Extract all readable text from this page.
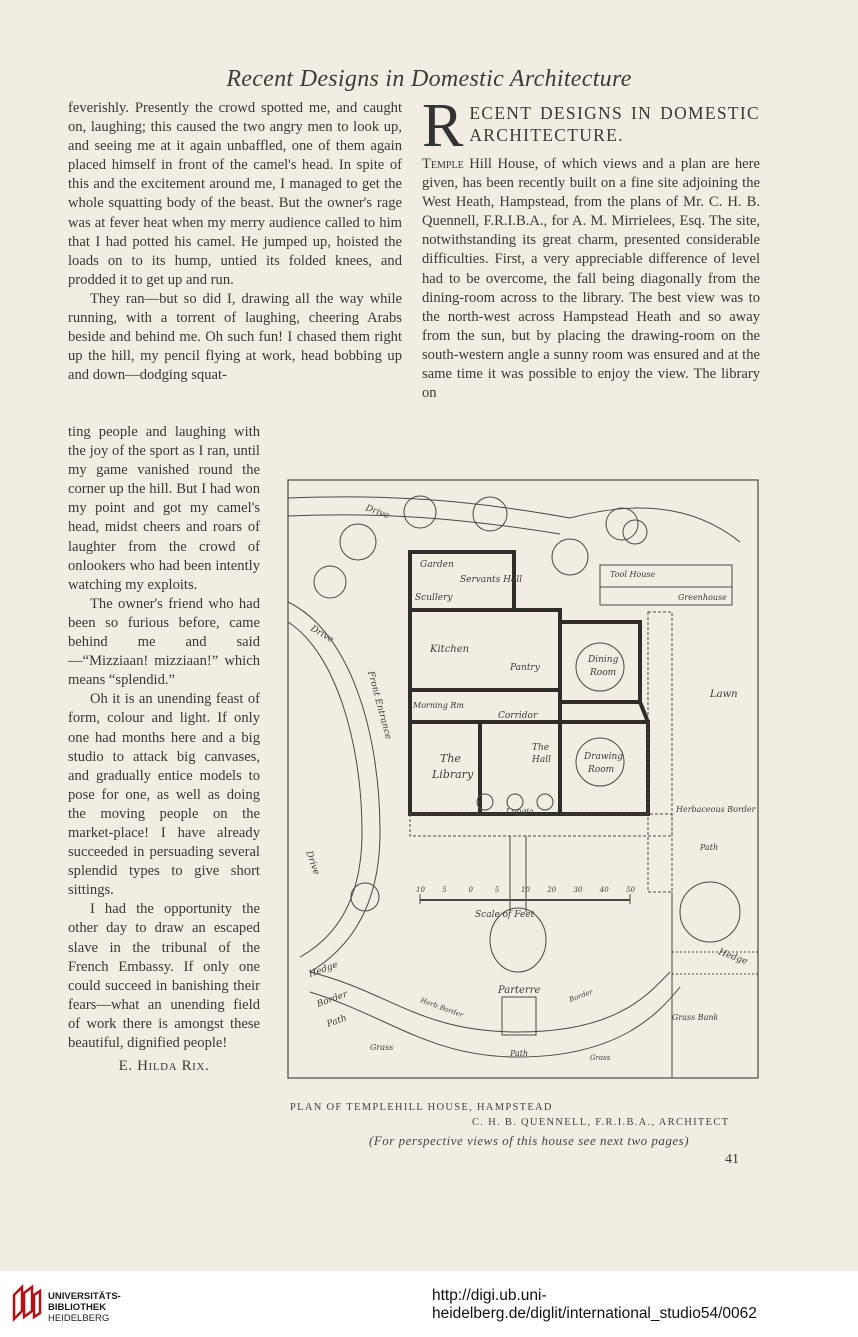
Recent Designs in Domestic Architecture

feverishly. Presently the crowd spotted me, and caught on, laughing; this caused the two angry men to look up, and seeing me at it again unbaffled, one of them again placed himself in front of the camel's head. In spite of this and the excitement around me, I managed to get the whole squatting body of the beast. But the owner's rage was at fever heat when my merry audience called to him that I had potted his camel. He jumped up, hoisted the loads on to its hump, untied its folded knees, and prodded it to get up and run.

They ran—but so did I, drawing all the way while running, with a torrent of laughing, cheering Arabs beside and behind me. Oh such fun! I chased them right up the hill, my pencil flying at work, head bobbing up and down—dodging squat-

ting people and laughing with the joy of the sport as I ran, until my game vanished round the corner up the hill. But I had won my point and got my camel's head, midst cheers and roars of laughter from the crowd of onlookers who had been intently watching my exploits.

The owner's friend who had been so furious before, came behind me and said —“Mizziaan! mizziaan!” which means “splendid.”

Oh it is an unending feast of form, colour and light. If only one had months here and a big studio to attack big canvases, and gradually entice models to pose for one, as well as doing the moving people on the market-place! I have already succeeded in persuading several splendid types to give short sittings.

I had the opportunity the other day to draw an escaped slave in the tribunal of the French Embassy. If only one could succeed in banishing their fears—what an unending field of work there is amongst these beautiful, dignified people!

E. Hilda Rix.
R ECENT DESIGNS IN DOMESTIC ARCHITECTURE.
Temple Hill House, of which views and a plan are here given, has been recently built on a fine site adjoining the West Heath, Hampstead, from the plans of Mr. C. H. B. Quennell, F.R.I.B.A., for A. M. Mirrielees, Esq. The site, notwithstanding its great charm, presented considerable difficulties. First, a very appreciable difference of level had to be overcome, the fall being diagonally from the dining-room across to the library. The best view was to the north-west across Hampstead Heath and so away from the sun, but by placing the drawing-room on the south-western angle a sunny room was ensured and at the same time it was possible to enjoy the view. The library on
Garden
Servants Hall
Scullery
Kitchen
Pantry
Dining
Room
Morning Rm
Corridor
The
Hall	Drawing
Room
The
Library
Loggia
Front Entrance
Drive
Drive
Drive
Lawn
Greenhouse
Tool House
Herbaceous Border
Path
Hedge
Hedge
Border
Path
Herb Border
Border
Parterre
Grass
Grass
Path
Grass Bank
Scale of Feet
10 5	0	5	10 20 30 40 50
PLAN OF TEMPLEHILL HOUSE, HAMPSTEAD
C. H. B. QUENNELL, F.R.I.B.A., ARCHITECT
(For perspective views of this house see next two pages)
41
UNIVERSITÄTS-
BIBLIOTHEK
HEIDELBERG
http://digi.ub.uni-heidelberg.de/diglit/international_studio54/0062
